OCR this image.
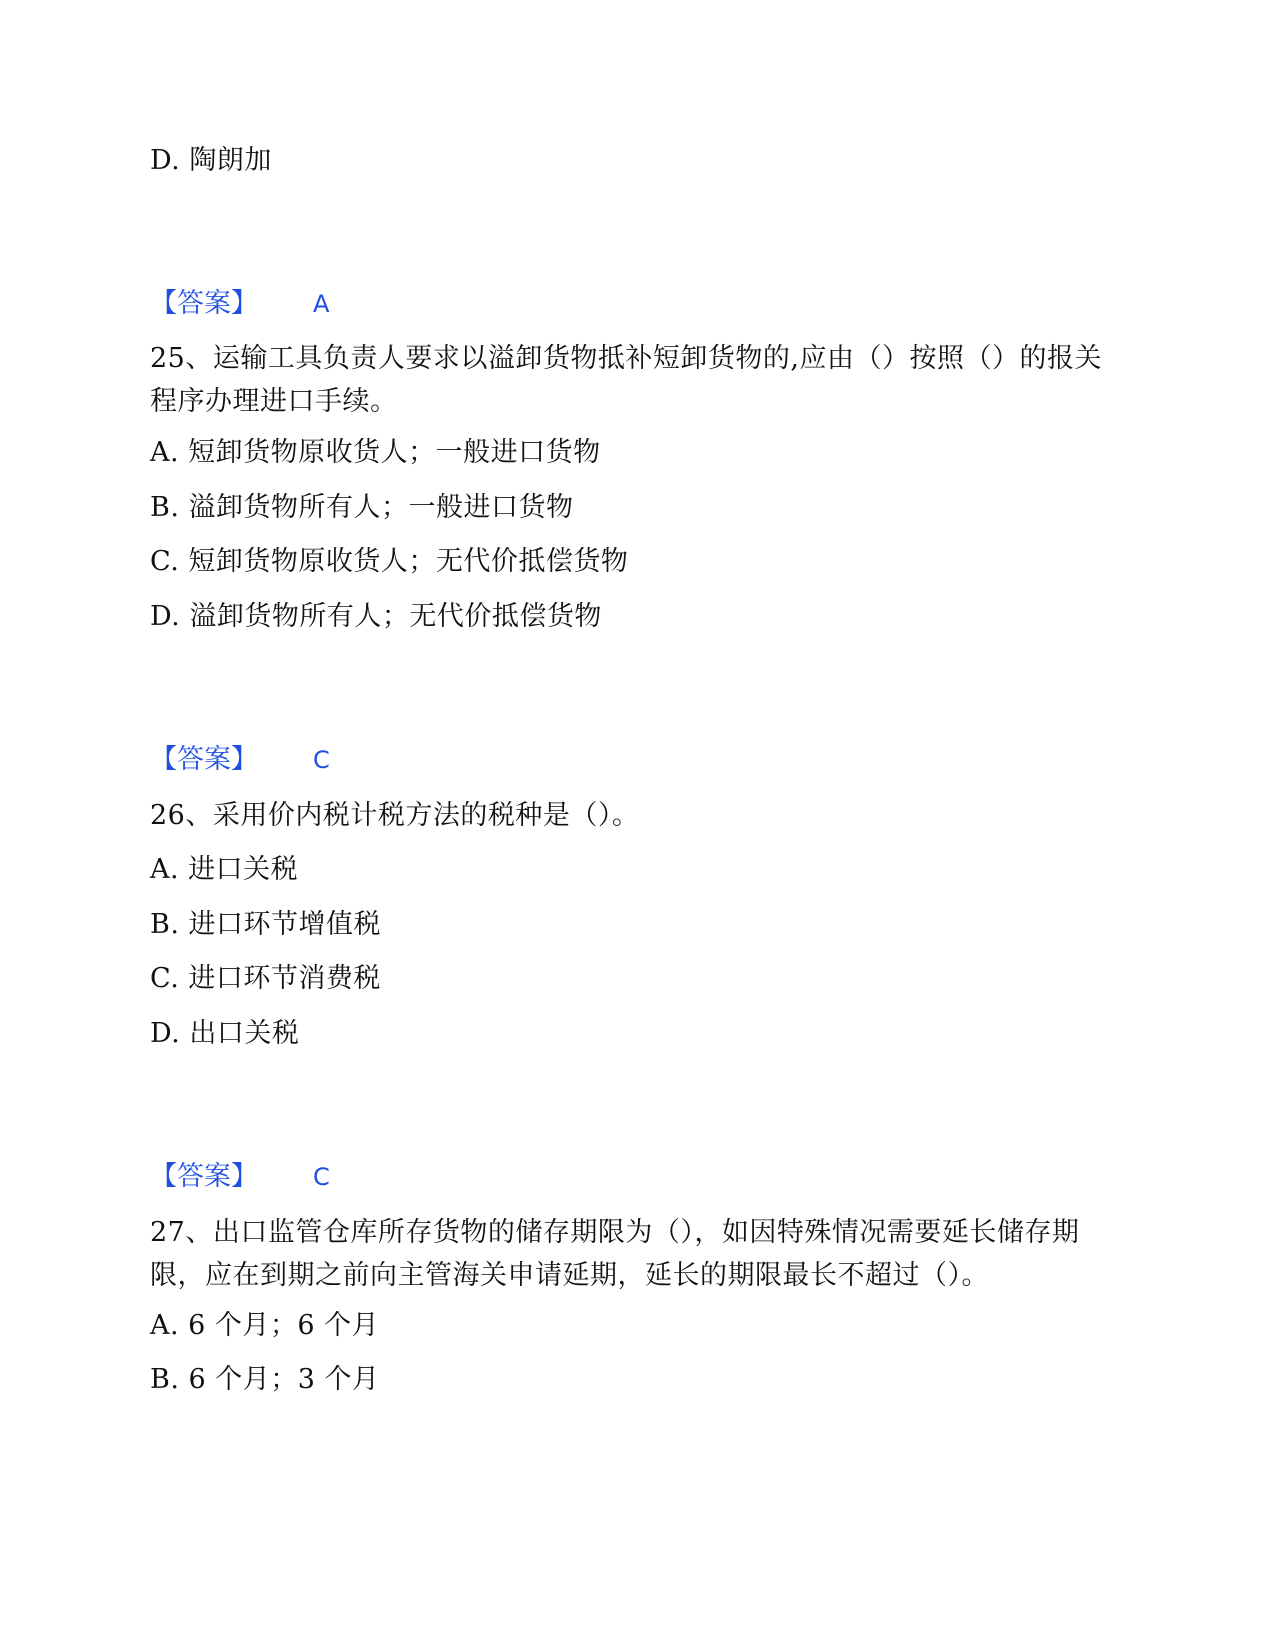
D. 陶朗加
【答案】 A
25、运输工具负责人要求以溢卸货物抵补短卸货物的,应由（）按照（）的报关程序办理进口手续。
A. 短卸货物原收货人；一般进口货物
B. 溢卸货物所有人；一般进口货物
C. 短卸货物原收货人；无代价抵偿货物
D. 溢卸货物所有人；无代价抵偿货物
【答案】 C
26、采用价内税计税方法的税种是（）。
A. 进口关税
B. 进口环节增值税
C. 进口环节消费税
D. 出口关税
【答案】 C
27、出口监管仓库所存货物的储存期限为（），如因特殊情况需要延长储存期限，应在到期之前向主管海关申请延期，延长的期限最长不超过（）。
A. 6 个月；6 个月
B. 6 个月；3 个月
